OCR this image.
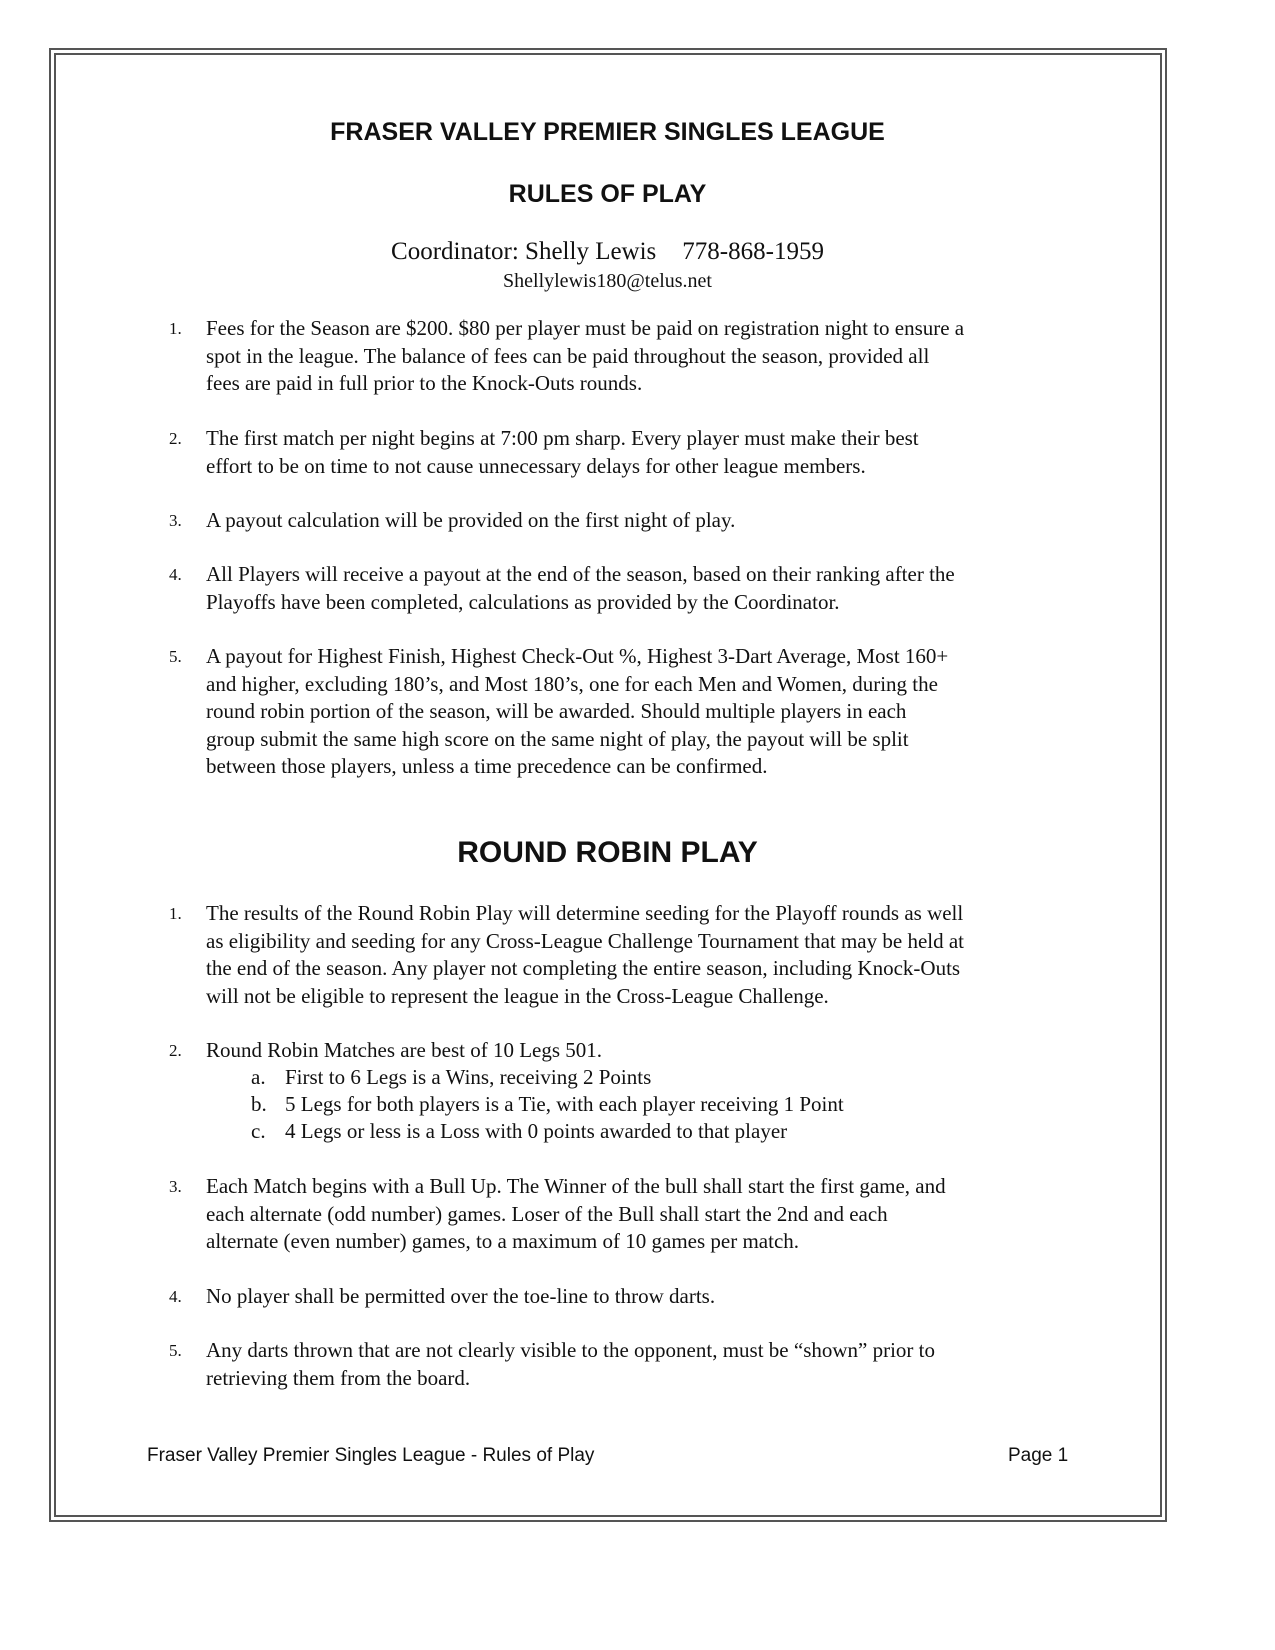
FRASER VALLEY PREMIER SINGLES LEAGUE
RULES OF PLAY

Coordinator: Shelly Lewis 778-868-1959

Shellylewis180@telus.net

1.	Fees for the Season are $200. $80 per player must be paid on registration night to ensure a
spot in the league. The balance of fees can be paid throughout the season, provided all
fees are paid in full prior to the Knock-Outs rounds.
2.	The first match per night begins at 7:00 pm sharp. Every player must make their best
effort to be on time to not cause unnecessary delays for other league members.
3.	A payout calculation will be provided on the first night of play.
4.	All Players will receive a payout at the end of the season, based on their ranking after the
Playoffs have been completed, calculations as provided by the Coordinator.
5.	A payout for Highest Finish, Highest Check-Out %, Highest 3-Dart Average, Most 160+
and higher, excluding 180’s, and Most 180’s, one for each Men and Women, during the
round robin portion of the season, will be awarded. Should multiple players in each
group submit the same high score on the same night of play, the payout will be split
between those players, unless a time precedence can be confirmed.
ROUND ROBIN PLAY
1.	The results of the Round Robin Play will determine seeding for the Playoff rounds as well
as eligibility and seeding for any Cross-League Challenge Tournament that may be held at
the end of the season. Any player not completing the entire season, including Knock-Outs
will not be eligible to represent the league in the Cross-League Challenge.
2.	Round Robin Matches are best of 10 Legs 501.
a. First to 6 Legs is a Wins, receiving 2 Points
b. 5 Legs for both players is a Tie, with each player receiving 1 Point
c. 4 Legs or less is a Loss with 0 points awarded to that player
3.	Each Match begins with a Bull Up. The Winner of the bull shall start the first game, and
each alternate (odd number) games. Loser of the Bull shall start the 2nd and each
alternate (even number) games, to a maximum of 10 games per match.
4.	No player shall be permitted over the toe-line to throw darts.
5.	Any darts thrown that are not clearly visible to the opponent, must be “shown” prior to
retrieving them from the board.

Fraser Valley Premier Singles League - Rules of Play	Page 1
